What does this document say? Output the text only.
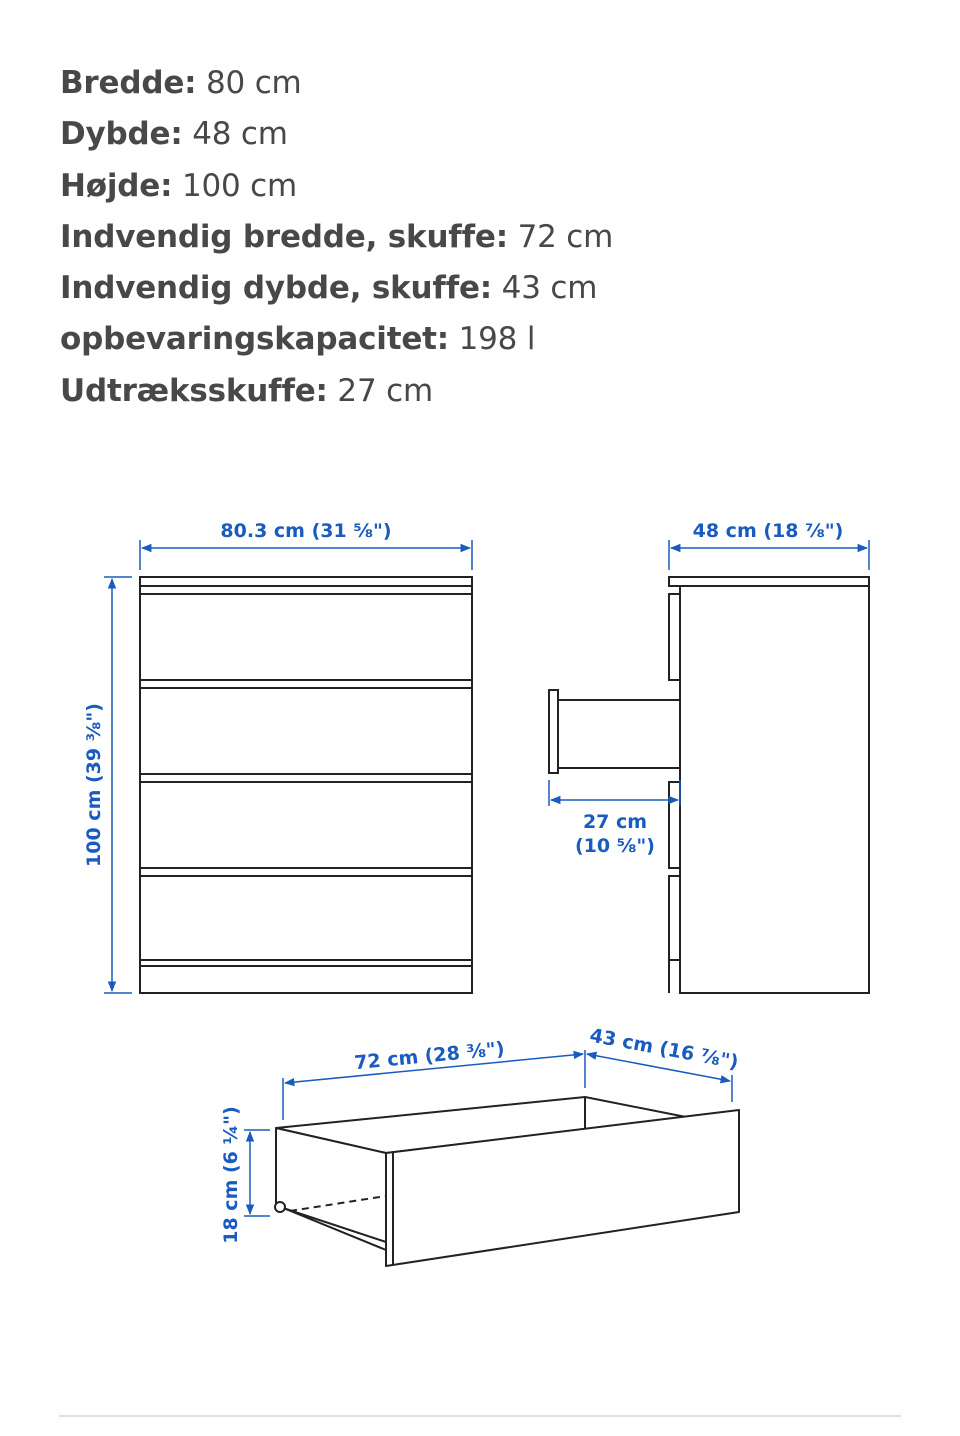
Bredde: 80 cm
Dybde: 48 cm
Højde: 100 cm
Indvendig bredde, skuffe: 72 cm
Indvendig dybde, skuffe: 43 cm
opbevaringskapacitet: 198 l
Udtræksskuffe: 27 cm
80.3 cm (31 ⅝")
100 cm (39 ⅜")
48 cm (18 ⅞")
27 cm
(10 ⅝")
72 cm (28 ⅜")	43 cm (16 ⅞")
18 cm (6 ¼")
